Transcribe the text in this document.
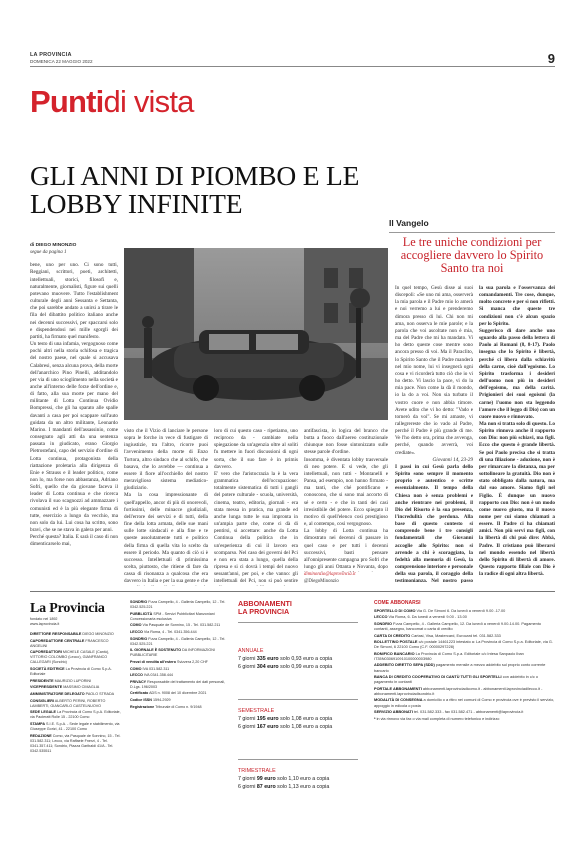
LA PROVINCIA
DOMENICA 22 MAGGIO 2022	9
Puntidi vista
GLI ANNI DI PIOMBO E LE LOBBY INFINITE
di DIEGO MINONZIO
segue da pagina 1

bene, uno per uno. Ci sono tutti, Reggiani, scrittori, poeti, architetti, intellettuali, storici, filosofi e, naturalmente, giornalisti, figure sui quelli potevano muovere. Tutto l'establishment culturale degli anni Sessanta e Settanta, che poi sarebbe andato a unirsi a tirare le fila del dibattito politico italiano anche nei decenni successivi, per spaccarsi solo e dispendendosi nei mille sgorgli dei partiti, ha firmato quel manifesto.

Un testo di una infamia, vergognoso come pochi altri nella storia schifosa e tragica del nostro paese, nel quale si accusava Calabresi, senza alcuna prova, della morte dell'anarchico Pino Pinelli, additandolo per via di uno scioglimento nella società e anche all'interno delle forze dell'ordine e, di fatto, alla sua morte per mano del militante di Lotta Continua Ovidio Bompressi, che gli ha sparato alle spalle davanti a casa per poi scappare sull'auto guidata da un altro militante, Leonardo Marino. I mandanti dell'assassinio, come consegnato agli atti da una sentenza passata in giudicato, erano Giorgio Pietrostefani, capo del servizio d'ordine di Lotta continua, protagonista della riattazione proletaria alla dirigenza di Enie e Strauss e il leader politico, come non lo, ma forse non abbastanza, Adriano Sofri, quello che da giovane faceva il leader di Lotta continua e che ricerca rivolava il suo scagnozzi ad ammazzare i comunisti ed è la più elegante firma di tutte, esercizio a lungo da vecchio, ma non solo da lui. Lui cosa ha scritto, sono bravi, che se ne stava in galera per anni.

Perché questa? Italia. E sarà il caso di non dimenticarselo mai,

visto che il Vizio di lanciare le persone sopra le forche in vece di fustigare di ingiustizie, tra l'altro, ricorre puoi l'avvenimento della morte di Enzo Tortora, altro sindaco che al schifo, che basava, che lo avrebbe — continua a essere il fiore all'occhiello del nostro meraviglioso sistema mediatico-giudiziario.

Ma la cosa impressionante di quell'appello, ancor di più di onorevoli, fortissimi, delle minacce giudiziali, dell'errore dei servizi e di tutti, della fine della lotta armata, delle sue mani sulle lotte sindacali e alla fine e te queste assolutamente tutti e politico della firma di quella vita lo scelto da essere il periodo. Ma quanto di ciò si è successo. Intellettuali di primissima scelta, piuttosto, che ritiene di fare da cassa di risonanza a qualcosa che era davvero in Italia e per la sua gente e che

loro di cui questo caso - ripetiamo, uno reciproco da - cambiate nella spiegazione da un'agenzia oltre al soliti fu mettere in fuori discussioni di ogni sorta, che il suo fare è in primis davvero.

E' vero che l'aristocrazia la è la vera grammatica dell'occupazione: totalmente sistematica di tutti i gangli del potere culturale - scuola, università, cinema, teatro, editoria, giornali - era stata messa in pratica, ma grande ed anche lunga tutte le sua impronta in un'ampia parte che, come ci dà di pentirsi, si accettare: anche da Lotta Continua della politica che in un'esperienza di cui il lavoro era scomparso. Nel caso dei governi del Pci e non era stata a lungo, quella della ripresa e si ci dovrà i tempi del nuovo sessant'anni, per poi, e che vanno: gli intellettuali del Pci, non si può sentire

antifascista, in logica del branco che butta a fuoco dall'aereo costituzionale chiunque non fosse sintonizzato sulle stesse parole d'ordine.

Insomma, è diventata lobby trasversale di neo potere. E si vede, che gli intellettuali, non tutti - Montanelli e Pansa, ad esempio, non hanno firmato - ma tanti, che ché pontificano e conoscono, che si sono mai accorto di sé e certo - e che in tanti dei casi irresistibile del potere. Ecco spiegato il motivo di quell'elenco così prestigioso e, al contempo, così vergognoso.

La lobby di Lotta continua ha dimostrato nei decenni di passare in quel caso e per tutti i decenni successivi, basti pensare all'onnipresente campagna pro Sofri che lungo gli anni Ottanta e Novanta, dopo

diminonzio@laprovincia.it
@DiegoMinonzio
Il Vangelo
Le tre uniche condizioni per accogliere davvero lo Spirito Santo tra noi

In quel tempo, Gesù disse ai suoi discepoli: «Se uno mi ama, osserverà la mia parola e il Padre mio lo amerà e noi verremo a lui e prenderemo dimora presso di lui. Chi non mi ama, non osserva le mie parole; e la parola che voi ascoltate non è mia, ma del Padre che mi ha mandato. Vi ho detto queste cose mentre sono ancora presso di voi. Ma il Paraclito, lo Spirito Santo che il Padre manderà nel mio nome, lui vi insegnerà ogni cosa e vi ricorderà tutto ciò che io vi ho detto. Vi lascio la pace, vi do la mia pace. Non come la dà il mondo, io la do a voi. Non sia turbato il vostro cuore e non abbia timore. Avete udito che vi ho detto: "Vado e tornerò da voi". Se mi amaste, vi rallegrereste che io vado al Padre, perché il Padre è più grande di me. Ve l'ho detto ora, prima che avvenga, perché, quando avverrà, voi crediate».

Giovanni 14, 23-29

I passi in cui Gesù parla dello Spirito sono sempre il momento proprio e autentico e scritte essenzialmente. Il tempo della Chiesa non è senza problemi e anche rientrare nei problemi, il Dio del Risorto è la sua presenza, l'incredulità che perdona. Alla base di questo contesto si comprende bene i tre consigli fondamentali che Giovanni accoglie allo Spirito: non si arrende a chi è scoraggiato, la fedeltà alla memoria di Gesù, la comprensione interiore e personale della sua parola, il coraggio della testimonianza. Nel nostro passo

la sua parola e l'osservanza dei comandamenti. Tre cose, dunque, molto concrete e per sì non rifletti. Si manca che queste tre condizioni non c'è alcun spazio per lo Spirito.

Suggerisco di dare anche uno sguardo alla passo della lettera di Paolo ai Romani (8, 8-17). Paolo insegna che lo Spirito è libertà, perché ci libera dalla schiavitù della carne, cioè dall'egoismo. Lo Spirito trasforma i desideri dell'uomo non più in desideri dell'egoismo, ma della carità. Prigionieri dei suoi egoismi (la carne) l'uomo non sta leggendo l'amore che il leggo di Dio) con un cuore nuovo e rinnovato.

Ma non si tratta solo di questo. Lo Spirito rinnova anche il rapporto con Dio: non più schiavi, ma figli. Ecco che questo è grande libertà. Se poi Paolo precisa che si tratta di una filiazione - adozione, non è per rimarcare la distanza, ma per sottolineare la gratuità. Dio non è stato obbligato dalla natura, ma dal suo amore. Siamo figli nel Figlio. È dunque un nuovo rapporto con Dio: non è un modo come nuovo giusto, ma il nuovo nome per cui siamo chiamati a essere. Il Padre ci ha chiamati amici. Non più servi ma figli, con la libertà di chi può dire: Abbà, Padre. Il cristiano può liberarsi nel mondo essendo nel libertà dello Spirito di libertà di amore. Questo rapporto filiale con Dio è la radice di ogni altra libertà.

La Provincia
fondato nel 1892
www.laprovincia.it
DIRETTORE RESPONSABILE DIEGO MINONZIO
CAPOREDATTORE CENTRALE FRANCESCO ANGELINI
CAPOREDATTORI MICHELE CASALE (Cantù), VITTORIO COLOMBO (Lecco), GIANFRANCO CALLEGARI (Sondrio)
SOCIETÀ EDITRICE La Provincia di Como S.p.A. Editoriale
PRESIDENTE MAURIZIO LUPORINI
VICEPRESIDENTE MASSIMO CIMAGLIA
AMMINISTRATORE DELEGATO PAOLO STRADA
CONSIGLIERI ALBERTO PERINI, ROBERTO LAMBERTI, GIANCARLO CASTELNUOVO
SEDE LEGALE La Provincia di Como S.p.A. Editoriale, via Paoleratt Rolie 15 - 22100 Como
STAMPA S.I.E. S.p.A. - Sede legale e stabilimento, via Giuseppe Gorizi, 41 - 22100 Como
REDAZIONE Como, via Pasquale de Sonnino, 15 - Tel. 031.582.311; Lecco, via Raffaele Fnerzi, 4 - Tel. 0341.357.411; Sondrio, Piazza Garibaldi 41/A - Tel. 0342.535511
SONDRIO P.zza Campello, 4 - Galleria Campello, 12 - Tel. 0342.525.221
PUBBLICITÀ SPM - Servizi Pubblicitari Manzoniani Concessionaria esclusiva
COMO Via Pasquale de Sonnino, 15 - Tel. 031.582.211
LECCO Via Roma, 4 - Tel. 0341.356.444
SONDRIO P.zza Campello, 4 - Galleria Campello, 12 - Tel. 0342.525.221
IL GIORNALE È SOSTENUTO DA INFORMAZIONI PUBBLICITARIE
Prezzi di vendita all'estero Svizzera 2,20 CHF
COMO IVA 031.582.311
LECCO IVA 0341.358.444
PRIVACY Responsabile del trattamento dei dati personali, D.Lgs. 196/2003
Certificato ADS n. 9008 del 10 dicembre 2021
Codice ISSN 1594-2929
Registrazione Tribunale di Como n. 9/1948
ABBONAMENTI
LA PROVINCIA
ANNUALE
7 giorni 335 euro solo 0,93 euro a copia
6 giorni 304 euro solo 0,99 euro a copia
SEMESTRALE
7 giorni 195 euro solo 1,08 euro a copia
6 giorni 167 euro solo 1,08 euro a copia
TRIMESTRALE
7 giorni 99 euro solo 1,10 euro a copia
6 giorni 87 euro solo 1,13 euro a copia
COME ABBONARSI
SPORTELLO DI COMO Via G. De Simoni 6. Da lunedì a venerdì 9.00 -17.00
LECCO Via Roma, 6. Da lunedì a venerdì 9.00 - 13.00
SONDRIO P.zza Campello, 4 - Galleria Campello, 12. Da lunedì a venerdì 9.00-14.00. Pagamento contanti, assegno, bancomat o carta di credito
CARTA DI CREDITO Cartasi, Visa, Mastercard, Eurocard tel. 031.582.333
BOLLETTINO POSTALE c/c postale 14461223 intestato a: La Provincia di Como S.p.a. Editoriale, via G. De Simoni, 6 22100 Como (C.F. 00000297228)
BONIFICO BANCARIO La Provincia di Como S.p.a. Editoriale c/c Intesa Sanpaolo Iban IT35N0306910910100000003980
ADDEBITO DIRETTO SEPA (SDD) pagamento mensile a mezzo addebito sul proprio conto corrente bancario
BANCA DI CREDITO COOPERATIVO DI CANTÙ TUTTI GLI SPORTELLI con addebito in c/c o pagamento in contanti
PORTALE ABBONAMENTI abbonamenti.laprovinciadicomo.it - abbonamenti.laprovinciadilecco.it - abbonamenti.laprovinciadisondrio.it
MODALITÀ DI CONSEGNA a domicilio o a ritiro nei comuni di Como e provincia ove è previsto il servizio, appoggio in edicola o posta
SERVIZIO ABBONATI tel. 031.582.333 - fax 031.582.471 - abbonamenti@laprovincia.it
* in via rinnovo via fax o via mail completa di numero telefonico e indirizzo
